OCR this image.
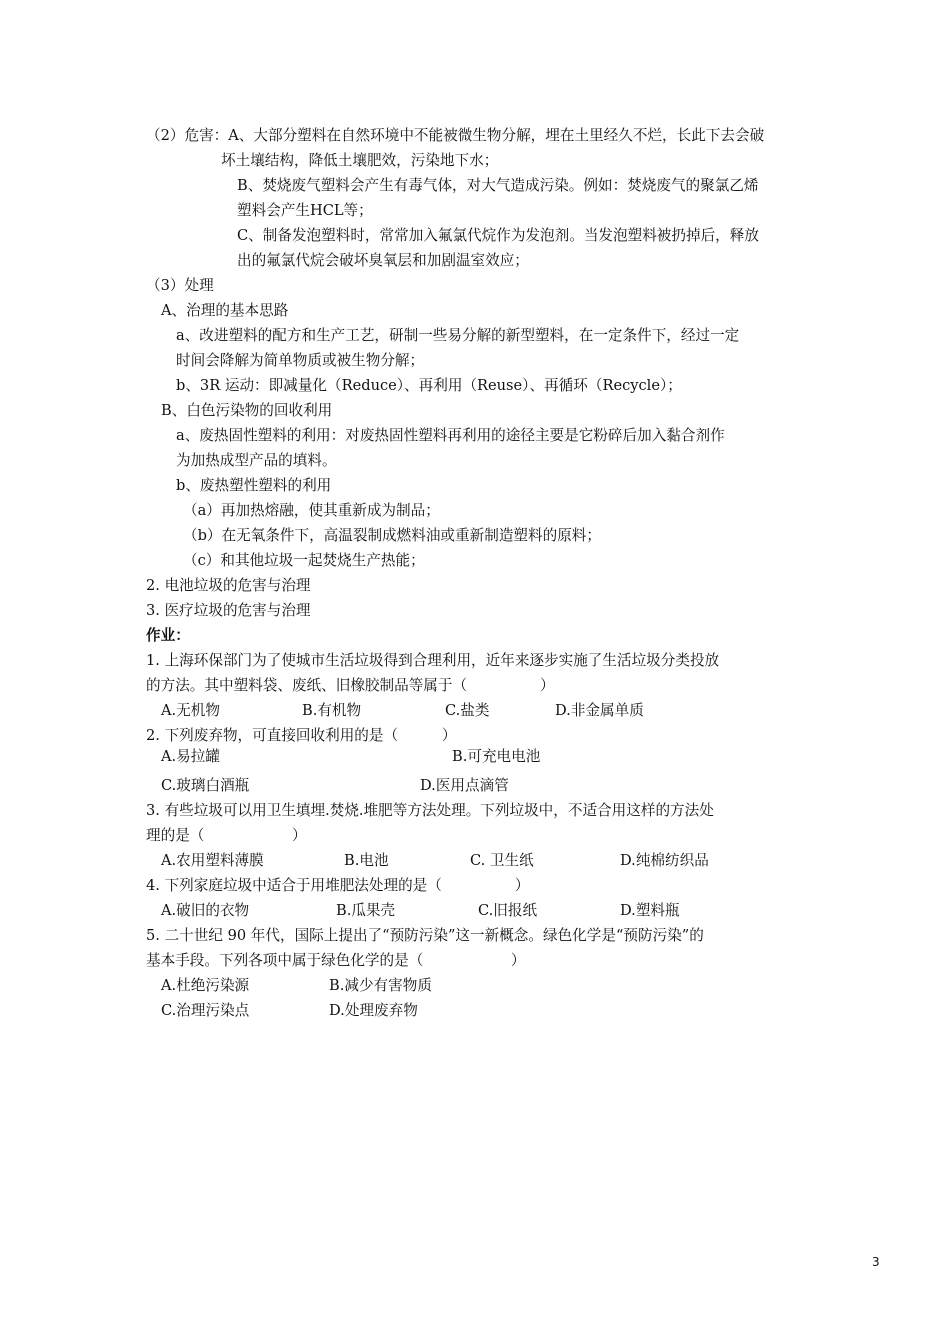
（2）危害：A、大部分塑料在自然环境中不能被微生物分解，埋在土里经久不烂，长此下去会破

坏土壤结构，降低土壤肥效，污染地下水；

B、焚烧废气塑料会产生有毒气体，对大气造成污染。例如：焚烧废气的聚氯乙烯

塑料会产生HCL等；

C、制备发泡塑料时，常常加入氟氯代烷作为发泡剂。当发泡塑料被扔掉后，释放

出的氟氯代烷会破坏臭氧层和加剧温室效应；

（3）处理

A、治理的基本思路

a、改进塑料的配方和生产工艺，研制一些易分解的新型塑料，在一定条件下，经过一定

时间会降解为简单物质或被生物分解；

b、3R 运动：即减量化（Reduce）、再利用（Reuse）、再循环（Recycle）；

B、白色污染物的回收利用

a、废热固性塑料的利用：对废热固性塑料再利用的途径主要是它粉碎后加入黏合剂作

为加热成型产品的填料。

b、废热塑性塑料的利用

（a）再加热熔融，使其重新成为制品；

（b）在无氧条件下，高温裂制成燃料油或重新制造塑料的原料；

（c）和其他垃圾一起焚烧生产热能；

2. 电池垃圾的危害与治理

3. 医疗垃圾的危害与治理

作业：

1. 上海环保部门为了使城市生活垃圾得到合理利用，近年来逐步实施了生活垃圾分类投放

的方法。其中塑料袋、废纸、旧橡胶制品等属于（　　　　　）

A.无机物	B.有机物	C.盐类	D.非金属单质

2. 下列废弃物，可直接回收利用的是（　　　）

A.易拉罐	B.可充电电池

C.玻璃白酒瓶	D.医用点滴管

3. 有些垃圾可以用卫生填埋.焚烧.堆肥等方法处理。下列垃圾中，不适合用这样的方法处

理的是（　　　　　　）

A.农用塑料薄膜	B.电池	C. 卫生纸	D.纯棉纺织品

4. 下列家庭垃圾中适合于用堆肥法处理的是（　　　　　）

A.破旧的衣物	B.瓜果壳	C.旧报纸	D.塑料瓶

5. 二十世纪 90 年代，国际上提出了“预防污染”这一新概念。绿色化学是“预防污染”的

基本手段。下列各项中属于绿色化学的是（　　　　　　）

A.杜绝污染源	B.减少有害物质

C.治理污染点	D.处理废弃物

3
